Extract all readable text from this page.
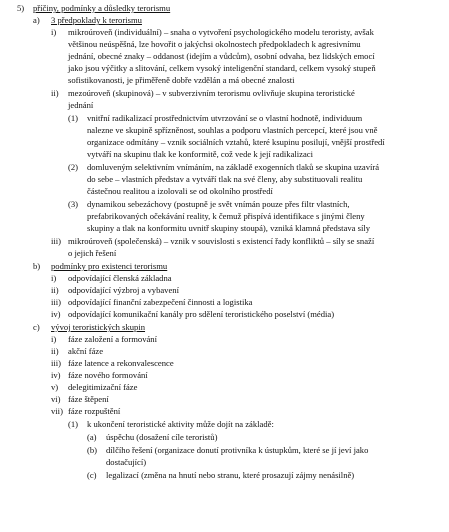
5) příčiny, podmínky a důsledky terorismu
a) 3 předpoklady k terorismu
i) mikroúroveň (individuální) – snaha o vytvoření psychologického modelu teroristy, avšak
většinou neúspěšná, lze hovořit o jakýchsi okolnostech předpokladech k agresivnímu
jednání, obecné znaky – oddanost (idejím a vůdcům), osobní odvaha, bez lidských emocí
jako jsou výčitky a slitování, celkem vysoký inteligenční standard, celkem vysoký stupeň
sofistikovanosti, je přiměřeně dobře vzdělán a má obecné znalosti
ii) mezoúroveň (skupinová) – v subverzivním terorismu ovlivňuje skupina teroristické
jednání
(1) vnitřní radikalizací prostřednictvím utvrzování se o vlastní hodnotě, individuum
nalezne ve skupině spřízněnost, souhlas a podporu vlastních percepcí, které jsou vně
organizace odmítány – vznik sociálních vztahů, které ksupinu posilují, vnější prostředí
vytváří na skupinu tlak ke konformitě, což vede k její radikalizaci
(2) domluveným selektivním vnímáním, na základě exogenních tlaků se skupina uzavírá
do sebe – vlastních představ a vytváří tlak na své členy, aby substituovali realitu
částečnou realitou a izolovali se od okolního prostředí
(3) dynamikou sebezáchovy (postupně je svět vnímán pouze přes filtr vlastních,
prefabrikovaných očekávání reality, k čemuž přispívá identifikace s jinými členy
skupiny a tlak na konformitu uvnitř skupiny stoupá), vzniká klamná představa síly
iii) mikroúroveň (společenská) – vznik v souvislosti s existencí řady konfliktů – síly se snaží
o jejich řešení
b) podmínky pro existenci terorismu
i) odpovídající členská základna
ii) odpovídající výzbroj a vybavení
iii) odpovídající finanční zabezpečení činnosti a logistika
iv) odpovídající komunikační kanály pro sdělení teroristického poselství (média)
c) vývoj teroristických skupin
i) fáze založení a formování
ii) akční fáze
iii) fáze latence a rekonvalescence
iv) fáze nového formování
v) delegitimizační fáze
vi) fáze štěpení
vii) fáze rozpuštění
(1) k ukončení teroristické aktivity může dojít na základě:
(a) úspěchu (dosažení cíle teroristů)
(b) dílčího řešení (organizace donutí protivníka k ústupkům, které se jí jeví jako
dostačující)
(c) legalizací (změna na hnutí nebo stranu, které prosazují zájmy nenásilně)
